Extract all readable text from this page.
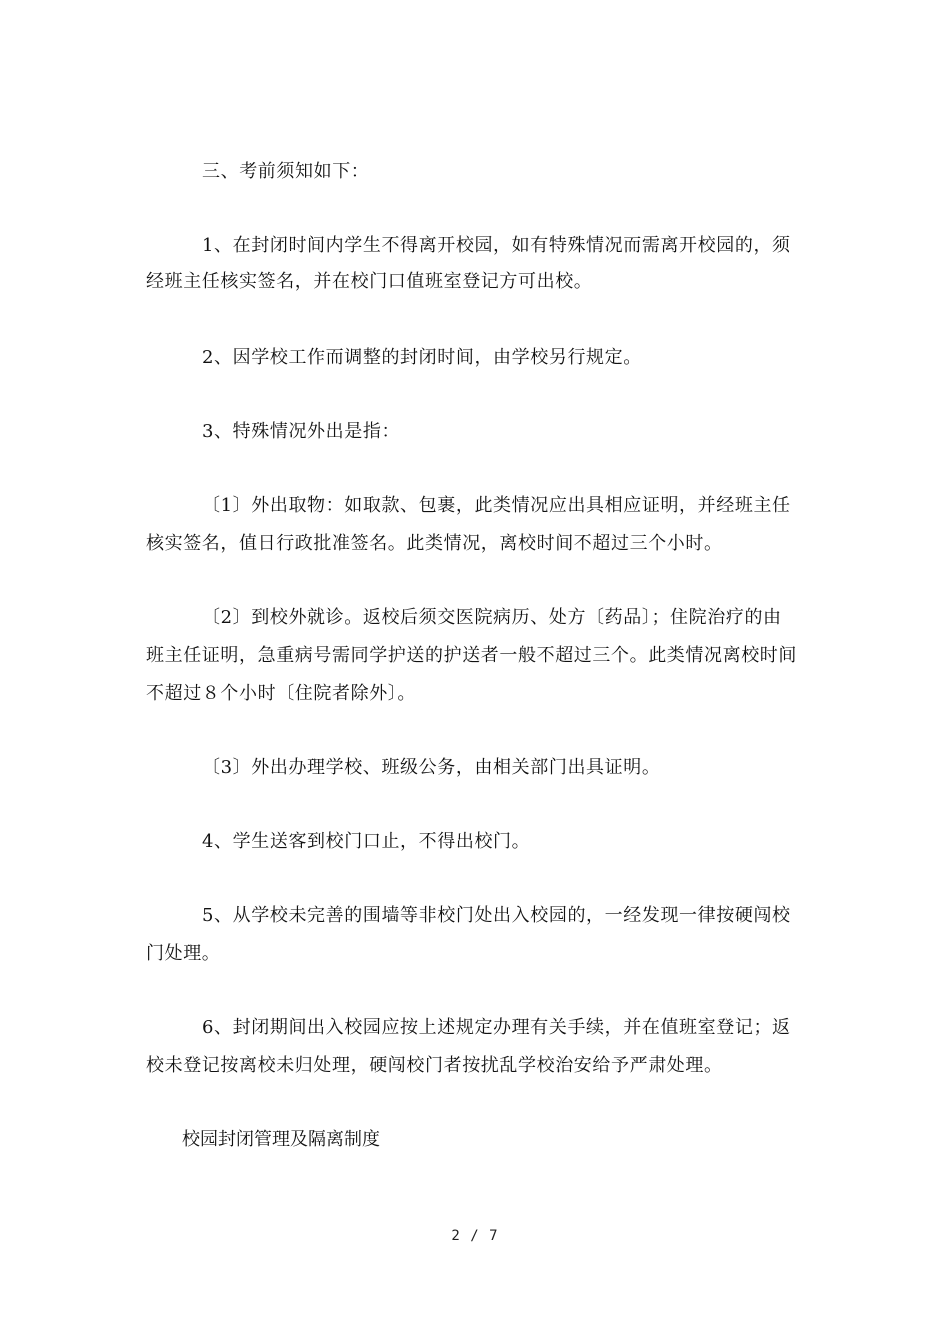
三、考前须知如下：
1、在封闭时间内学生不得离开校园，如有特殊情况而需离开校园的，须
经班主任核实签名，并在校门口值班室登记方可出校。
2、因学校工作而调整的封闭时间，由学校另行规定。
3、特殊情况外出是指：
〔1〕外出取物：如取款、包裹，此类情况应出具相应证明，并经班主任
核实签名，值日行政批准签名。此类情况，离校时间不超过三个小时。
〔2〕到校外就诊。返校后须交医院病历、处方〔药品〕；住院治疗的由
班主任证明，急重病号需同学护送的护送者一般不超过三个。此类情况离校时间
不超过８个小时〔住院者除外〕。
〔3〕外出办理学校、班级公务，由相关部门出具证明。
4、学生送客到校门口止，不得出校门。
5、从学校未完善的围墙等非校门处出入校园的，一经发现一律按硬闯校
门处理。
6、封闭期间出入校园应按上述规定办理有关手续，并在值班室登记；返
校未登记按离校未归处理，硬闯校门者按扰乱学校治安给予严肃处理。
校园封闭管理及隔离制度
2 / 7
